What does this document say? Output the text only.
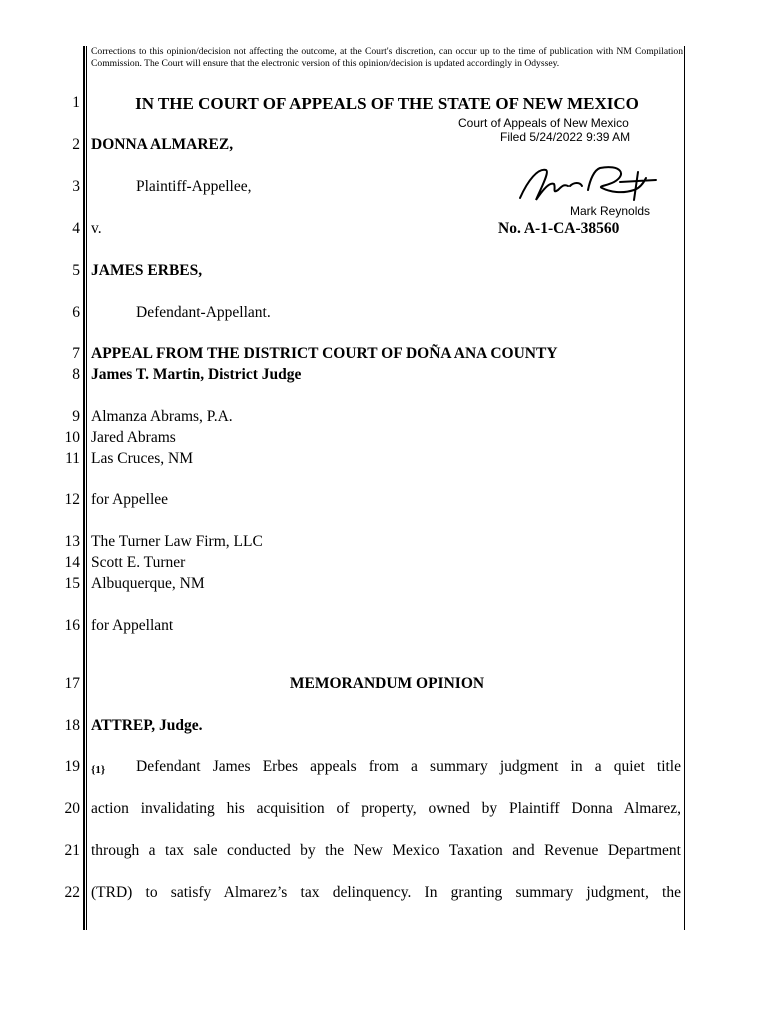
Corrections to this opinion/decision not affecting the outcome, at the Court's discretion, can occur up to the time of publication with NM Compilation Commission. The Court will ensure that the electronic version of this opinion/decision is updated accordingly in Odyssey.
1
2
3
4
5
6
7
8
9
10
11
12
13
14
15
16
17
18
19
20
21
22
IN THE COURT OF APPEALS OF THE STATE OF NEW MEXICO
Court of Appeals of New Mexico
Filed 5/24/2022 9:39 AM
Mark Reynolds
DONNA ALMAREZ,
Plaintiff-Appellee,
v.	No. A-1-CA-38560
JAMES ERBES,
Defendant-Appellant.
APPEAL FROM THE DISTRICT COURT OF DOÑA ANA COUNTY
James T. Martin, District Judge
Almanza Abrams, P.A.
Jared Abrams
Las Cruces, NM
for Appellee
The Turner Law Firm, LLC
Scott E. Turner
Albuquerque, NM
for Appellant
MEMORANDUM OPINION
ATTREP, Judge.
{1} Defendant James Erbes appeals from a summary judgment in a quiet title
action invalidating his acquisition of property, owned by Plaintiff Donna Almarez,
through a tax sale conducted by the New Mexico Taxation and Revenue Department
(TRD) to satisfy Almarez’s tax delinquency. In granting summary judgment, the
